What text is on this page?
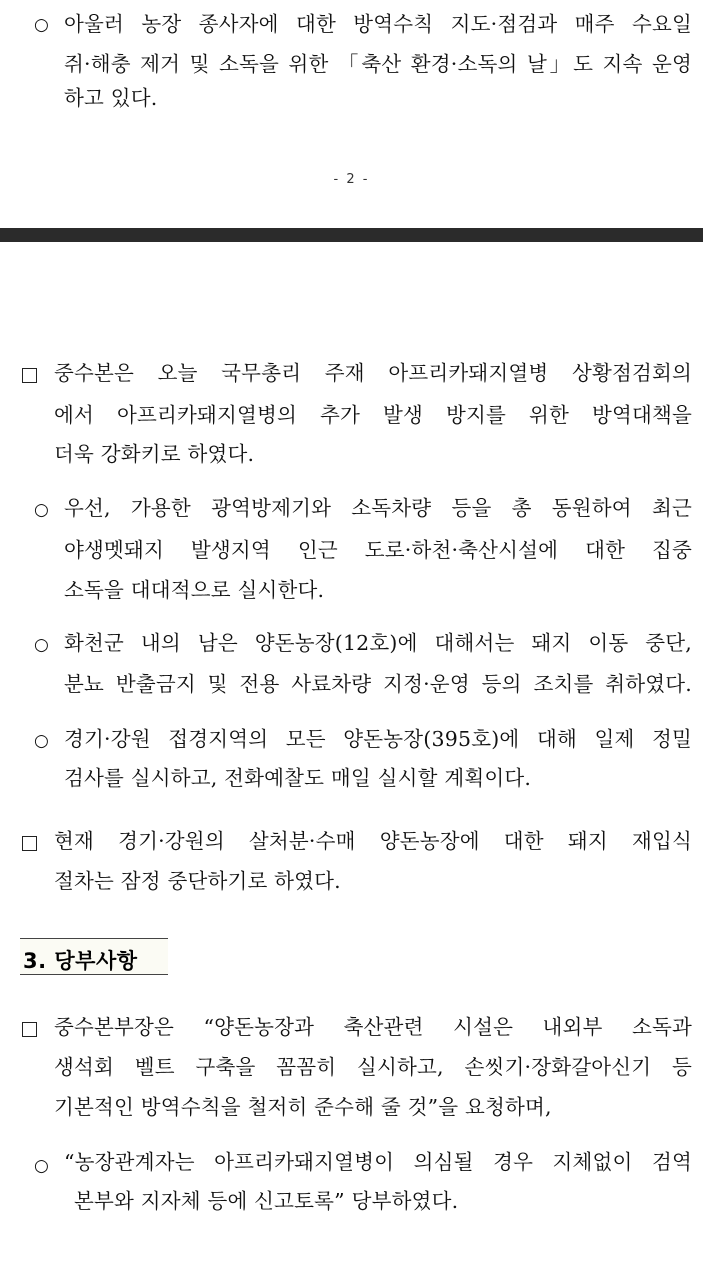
○ 아울러 농장 종사자에 대한 방역수칙 지도·점검과 매주 수요일
쥐·해충 제거 및 소독을 위한 「축산 환경·소독의 날」도 지속 운영
하고 있다.
- 2 -
중수본은 오늘 국무총리 주재 아프리카돼지열병 상황점검회의
에서 아프리카돼지열병의 추가 발생 방지를 위한 방역대책을
더욱 강화키로 하였다.
○ 우선, 가용한 광역방제기와 소독차량 등을 총 동원하여 최근
야생멧돼지 발생지역 인근 도로·하천·축산시설에 대한 집중
소독을 대대적으로 실시한다.
○ 화천군 내의 남은 양돈농장(12호)에 대해서는 돼지 이동 중단,
분뇨 반출금지 및 전용 사료차량 지정·운영 등의 조치를 취하였다.
○ 경기·강원 접경지역의 모든 양돈농장(395호)에 대해 일제 정밀
검사를 실시하고, 전화예찰도 매일 실시할 계획이다.
현재 경기·강원의 살처분·수매 양돈농장에 대한 돼지 재입식
절차는 잠정 중단하기로 하였다.
3. 당부사항
중수본부장은 “양돈농장과 축산관련 시설은 내외부 소독과
생석회 벨트 구축을 꼼꼼히 실시하고, 손씻기·장화갈아신기 등
기본적인 방역수칙을 철저히 준수해 줄 것”을 요청하며,
○ “농장관계자는 아프리카돼지열병이 의심될 경우 지체없이 검역
본부와 지자체 등에 신고토록” 당부하였다.
